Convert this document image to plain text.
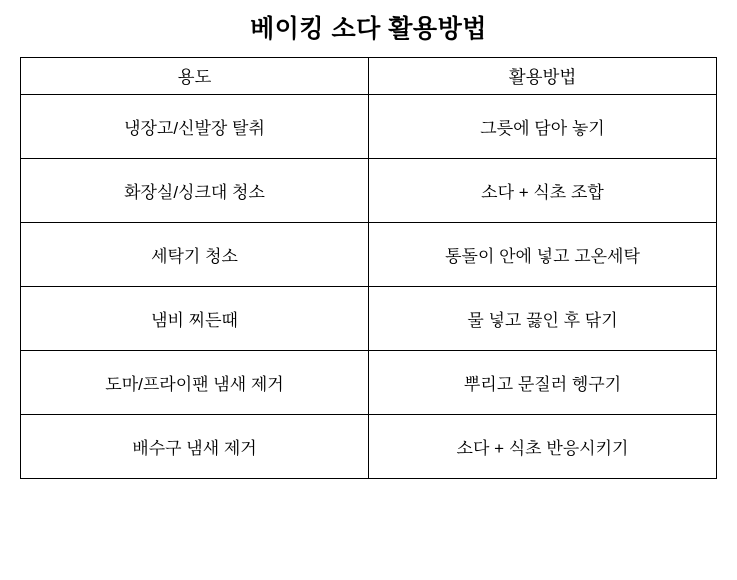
베이킹 소다 활용방법
용도	활용방법
냉장고/신발장 탈취	그릇에 담아 놓기
화장실/싱크대 청소	소다 + 식초 조합
세탁기 청소	통돌이 안에 넣고 고온세탁
냄비 찌든때	물 넣고 끓인 후 닦기
도마/프라이팬 냄새 제거	뿌리고 문질러 헹구기
배수구 냄새 제거	소다 + 식초 반응시키기
